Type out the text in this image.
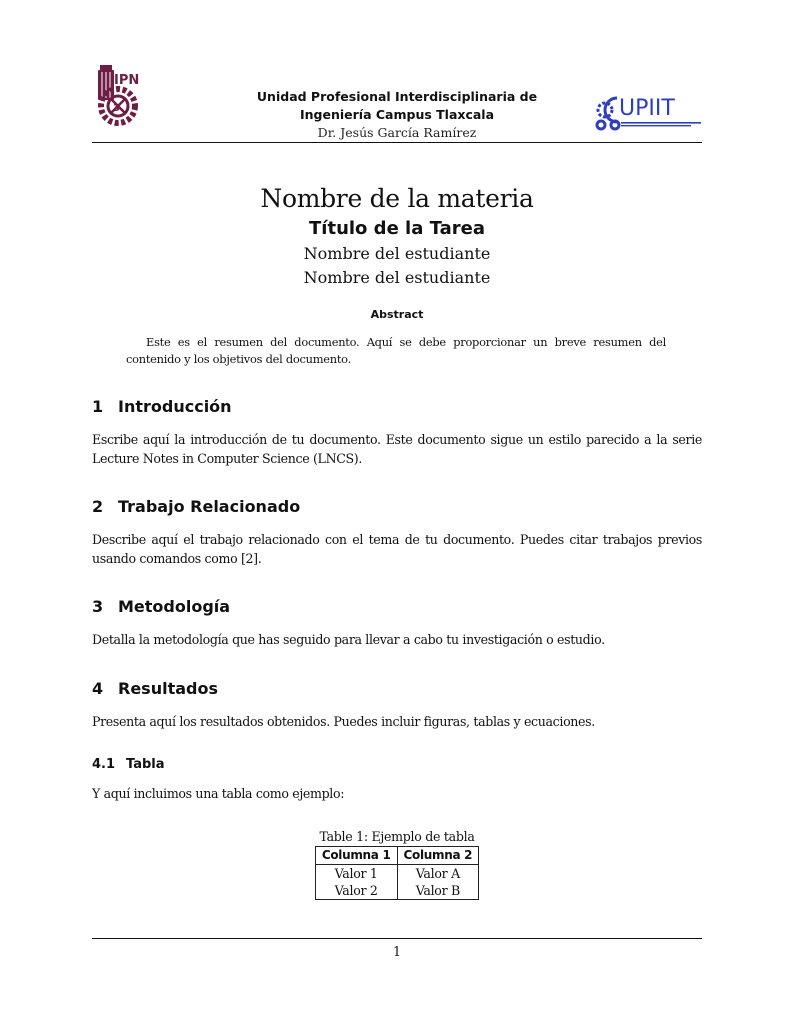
IPN
3
Unidad Profesional Interdisciplinaria de
Ingeniería Campus Tlaxcala
Dr. Jesús García Ramírez
UPIIT
Nombre de la materia
Título de la Tarea
Nombre del estudiante
Nombre del estudiante
Abstract

Este es el resumen del documento. Aquí se debe proporcionar un breve resumen del contenido y los objetivos del documento.

1 Introducción

Escribe aquí la introducción de tu documento. Este documento sigue un estilo parecido a la serie Lecture Notes in Computer Science (LNCS).

2 Trabajo Relacionado

Describe aquí el trabajo relacionado con el tema de tu documento. Puedes citar trabajos previos usando comandos como [2].

3 Metodología

Detalla la metodología que has seguido para llevar a cabo tu investigación o estudio.

4 Resultados

Presenta aquí los resultados obtenidos. Puedes incluir figuras, tablas y ecuaciones.

4.1 Tabla

Y aquí incluimos una tabla como ejemplo:

Table 1: Ejemplo de tabla
Columna 1	Columna 2
Valor 1	Valor A
Valor 2	Valor B
1
